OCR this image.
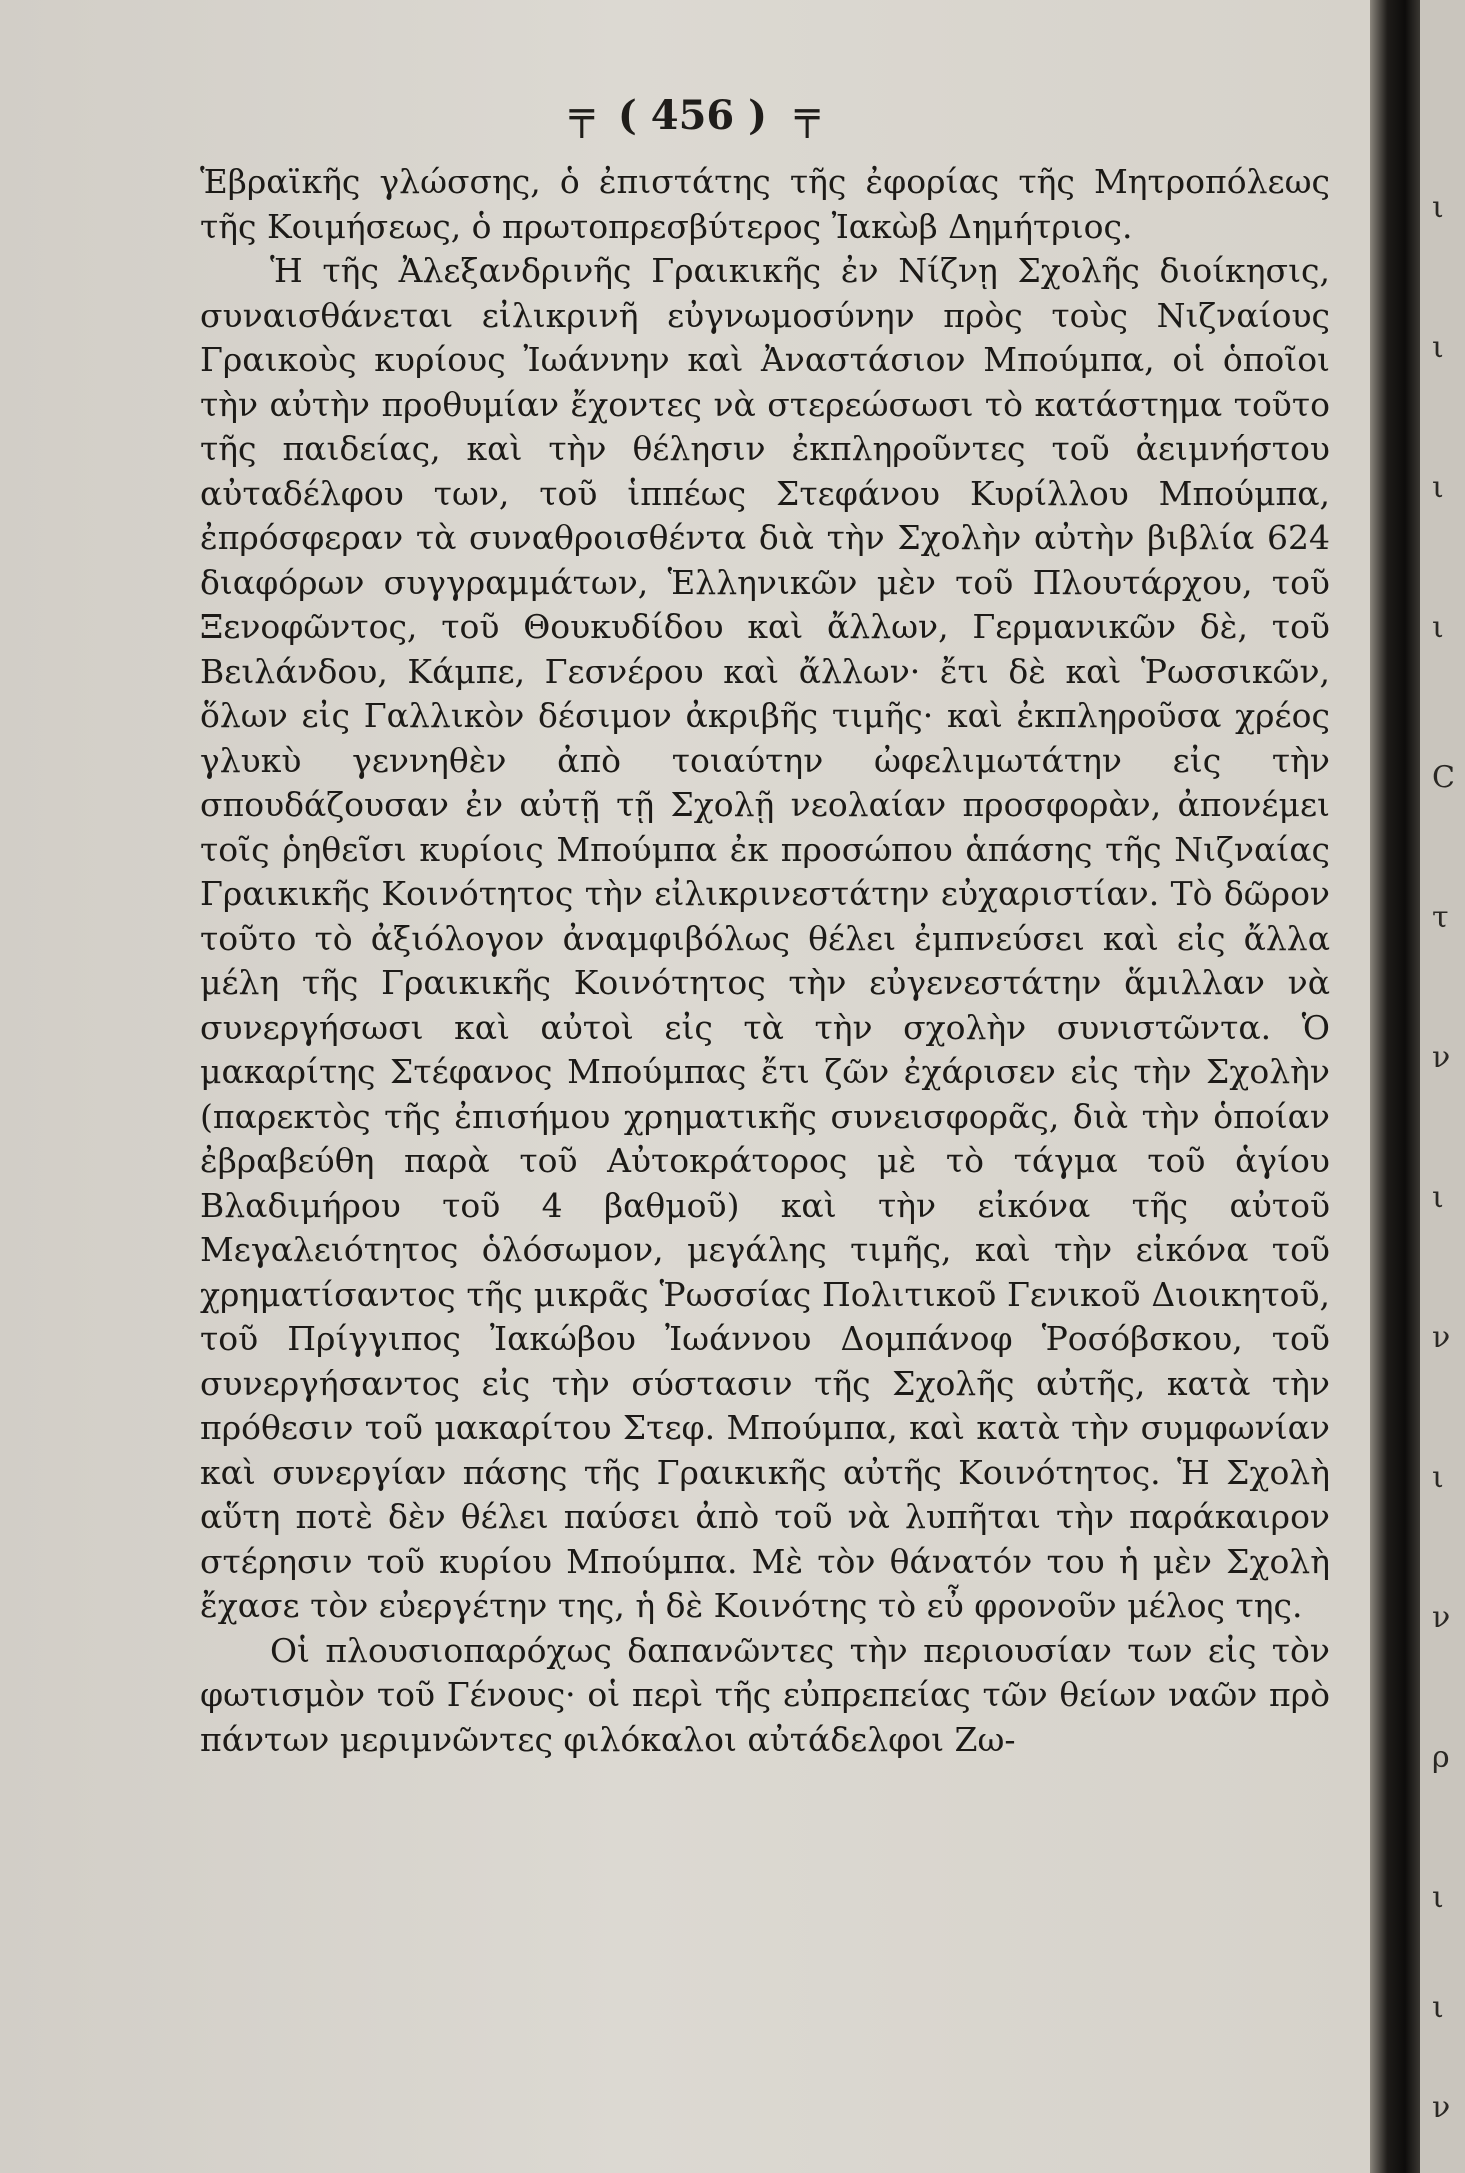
╤ ( 456 ) ╤

Ἑβραϊκῆς γλώσσης, ὁ ἐπιστάτης τῆς ἐφορίας τῆς Μητροπόλεως τῆς Κοιμήσεως, ὁ πρωτοπρεσβύτερος Ἰακὼβ Δημήτριος.

Ἡ τῆς Ἀλεξανδρινῆς Γραικικῆς ἐν Νίζνῃ Σχολῆς διοίκησις, συναισθάνεται εἰλικρινῆ εὐγνωμοσύνην πρὸς τοὺς Νιζναίους Γραικοὺς κυρίους Ἰωάννην καὶ Ἀναστάσιον Μπούμπα, οἱ ὁποῖοι τὴν αὐτὴν προθυμίαν ἔχοντες νὰ στερεώσωσι τὸ κατάστημα τοῦτο τῆς παιδείας, καὶ τὴν θέλησιν ἐκπληροῦντες τοῦ ἀειμνήστου αὐταδέλφου των, τοῦ ἱππέως Στεφάνου Κυρίλλου Μπούμπα, ἐπρόσφεραν τὰ συναθροισθέντα διὰ τὴν Σχολὴν αὐτὴν βιβλία 624 διαφόρων συγγραμμάτων, Ἑλληνικῶν μὲν τοῦ Πλουτάρχου, τοῦ Ξενοφῶντος, τοῦ Θουκυδίδου καὶ ἄλλων, Γερμανικῶν δὲ, τοῦ Βειλάνδου, Κάμπε, Γεσνέρου καὶ ἄλλων· ἔτι δὲ καὶ Ῥωσσικῶν, ὅλων εἰς Γαλλικὸν δέσιμον ἀκριβῆς τιμῆς· καὶ ἐκπληροῦσα χρέος γλυκὺ γεννηθὲν ἀπὸ τοιαύτην ὠφελιμωτάτην εἰς τὴν σπουδάζουσαν ἐν αὐτῇ τῇ Σχολῇ νεολαίαν προσφορὰν, ἀπονέμει τοῖς ῥηθεῖσι κυρίοις Μπούμπα ἐκ προσώπου ἁπάσης τῆς Νιζναίας Γραικικῆς Κοινότητος τὴν εἰλικρινεστάτην εὐχαριστίαν. Τὸ δῶρον τοῦτο τὸ ἀξιόλογον ἀναμφιβόλως θέλει ἐμπνεύσει καὶ εἰς ἄλλα μέλη τῆς Γραικικῆς Κοινότητος τὴν εὐγενεστάτην ἅμιλλαν νὰ συνεργήσωσι καὶ αὐτοὶ εἰς τὰ τὴν σχολὴν συνιστῶντα. Ὁ μακαρίτης Στέφανος Μπούμπας ἔτι ζῶν ἐχάρισεν εἰς τὴν Σχολὴν (παρεκτὸς τῆς ἐπισήμου χρηματικῆς συνεισφορᾶς, διὰ τὴν ὁποίαν ἐβραβεύθη παρὰ τοῦ Αὐτοκράτορος μὲ τὸ τάγμα τοῦ ἁγίου Βλαδιμήρου τοῦ 4 βαθμοῦ) καὶ τὴν εἰκόνα τῆς αὐτοῦ Μεγαλειότητος ὁλόσωμον, μεγάλης τιμῆς, καὶ τὴν εἰκόνα τοῦ χρηματίσαντος τῆς μικρᾶς Ῥωσσίας Πολιτικοῦ Γενικοῦ Διοικητοῦ, τοῦ Πρίγγιπος Ἰακώβου Ἰωάννου Δομπάνοφ Ῥοσόβσκου, τοῦ συνεργήσαντος εἰς τὴν σύστασιν τῆς Σχολῆς αὐτῆς, κατὰ τὴν πρόθεσιν τοῦ μακαρίτου Στεφ. Μπούμπα, καὶ κατὰ τὴν συμφωνίαν καὶ συνεργίαν πάσης τῆς Γραικικῆς αὐτῆς Κοινότητος. Ἡ Σχολὴ αὕτη ποτὲ δὲν θέλει παύσει ἀπὸ τοῦ νὰ λυπῆται τὴν παράκαιρον στέρησιν τοῦ κυρίου Μπούμπα. Μὲ τὸν θάνατόν του ἡ μὲν Σχολὴ ἔχασε τὸν εὐεργέτην της, ἡ δὲ Κοινότης τὸ εὖ φρονοῦν μέλος της.

Οἱ πλουσιοπαρόχως δαπανῶντες τὴν περιουσίαν των εἰς τὸν φωτισμὸν τοῦ Γένους· οἱ περὶ τῆς εὐπρεπείας τῶν θείων ναῶν πρὸ πάντων μεριμνῶντες φιλόκαλοι αὐτάδελφοι Ζω-

ι
ι
ι
ι
Ϲ
τ
ν
ι
ν
ι
ν
ρ
ι
ι
ν
